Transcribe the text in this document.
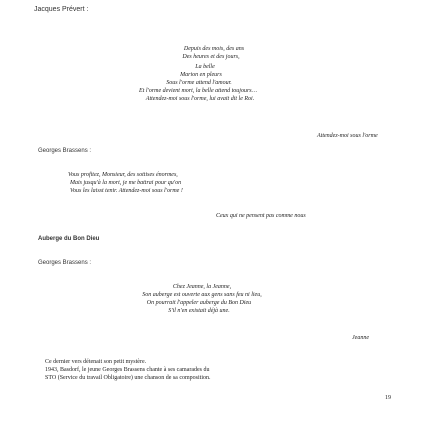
Jacques Prévert :
Depuis des mois, des ans
Des heures et des jours,
La belle
Marion en pleurs
Sous l'orme attend l'amour.
Et l'orme devient mort, la belle attend toujours…
Attendez-moi sous l'orme, lui avait dit le Roi.
Attendez-moi sous l'orme
Georges Brassens :
Vous profitez, Monsieur, des sottises énormes,
Mais jusqu'à la mort, je me battrai pour qu'on
Vous les laisst tenir. Attendez-moi sous l'orme !
Ceux qui ne pensent pas comme nous
Auberge du Bon Dieu
Georges Brassens :
Chez Jeanne, la Jeanne,
Son auberge est ouverte aux gens sans feu ni lieu,
On pourrait l'appeler auberge du Bon Dieu
S'il n'en existait déjà une.
Jeanne
Ce dernier vers détenait son petit mystère.
1943, Basdorf, le jeune Georges Brassens chante à ses camarades du
STO (Service du travail Obligatoire) une chanson de sa composition.
19
